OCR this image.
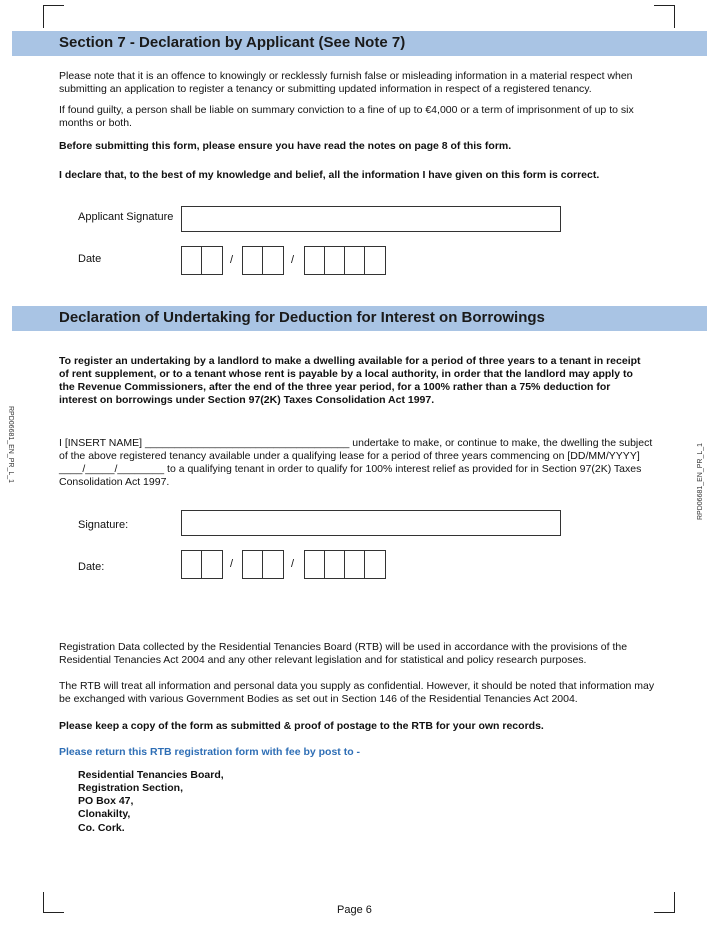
RPD06681_EN_PR_L_1	RPD06681_EN_PR_L_1
Section 7 - Declaration by Applicant (See Note 7)
Please note that it is an offence to knowingly or recklessly furnish false or misleading information in a material respect when submitting an application to register a tenancy or submitting updated information in respect of a registered tenancy.
If found guilty, a person shall be liable on summary conviction to a fine of up to €4,000 or a term of imprisonment of up to six months or both.
Before submitting this form, please ensure you have read the notes on page 8 of this form.
I declare that, to the best of my knowledge and belief, all the information I have given on this form is correct.
Applicant Signature
Date	/	/
Declaration of Undertaking for Deduction for Interest on Borrowings
To register an undertaking by a landlord to make a dwelling available for a period of three years to a tenant in receipt of rent supplement, or to a tenant whose rent is payable by a local authority, in order that the landlord may apply to the Revenue Commissioners, after the end of the three year period, for a 100% rather than a 75% deduction for interest on borrowings under Section 97(2K) Taxes Consolidation Act 1997.
I [INSERT NAME] ___________________________________ undertake to make, or continue to make, the dwelling the subject of the above registered tenancy available under a qualifying lease for a period of three years commencing on [DD/MM/YYYY] ____/_____/________ to a qualifying tenant in order to qualify for 100% interest relief as provided for in Section 97(2K) Taxes Consolidation Act 1997.
Signature:
Date:	/	/
Registration Data collected by the Residential Tenancies Board (RTB) will be used in accordance with the provisions of the Residential Tenancies Act 2004 and any other relevant legislation and for statistical and policy research purposes.
The RTB will treat all information and personal data you supply as confidential. However, it should be noted that information may be exchanged with various Government Bodies as set out in Section 146 of the Residential Tenancies Act 2004.
Please keep a copy of the form as submitted & proof of postage to the RTB for your own records.
Please return this RTB registration form with fee by post to -
Residential Tenancies Board,
Registration Section,
PO Box 47,
Clonakilty,
Co. Cork.
Page 6
